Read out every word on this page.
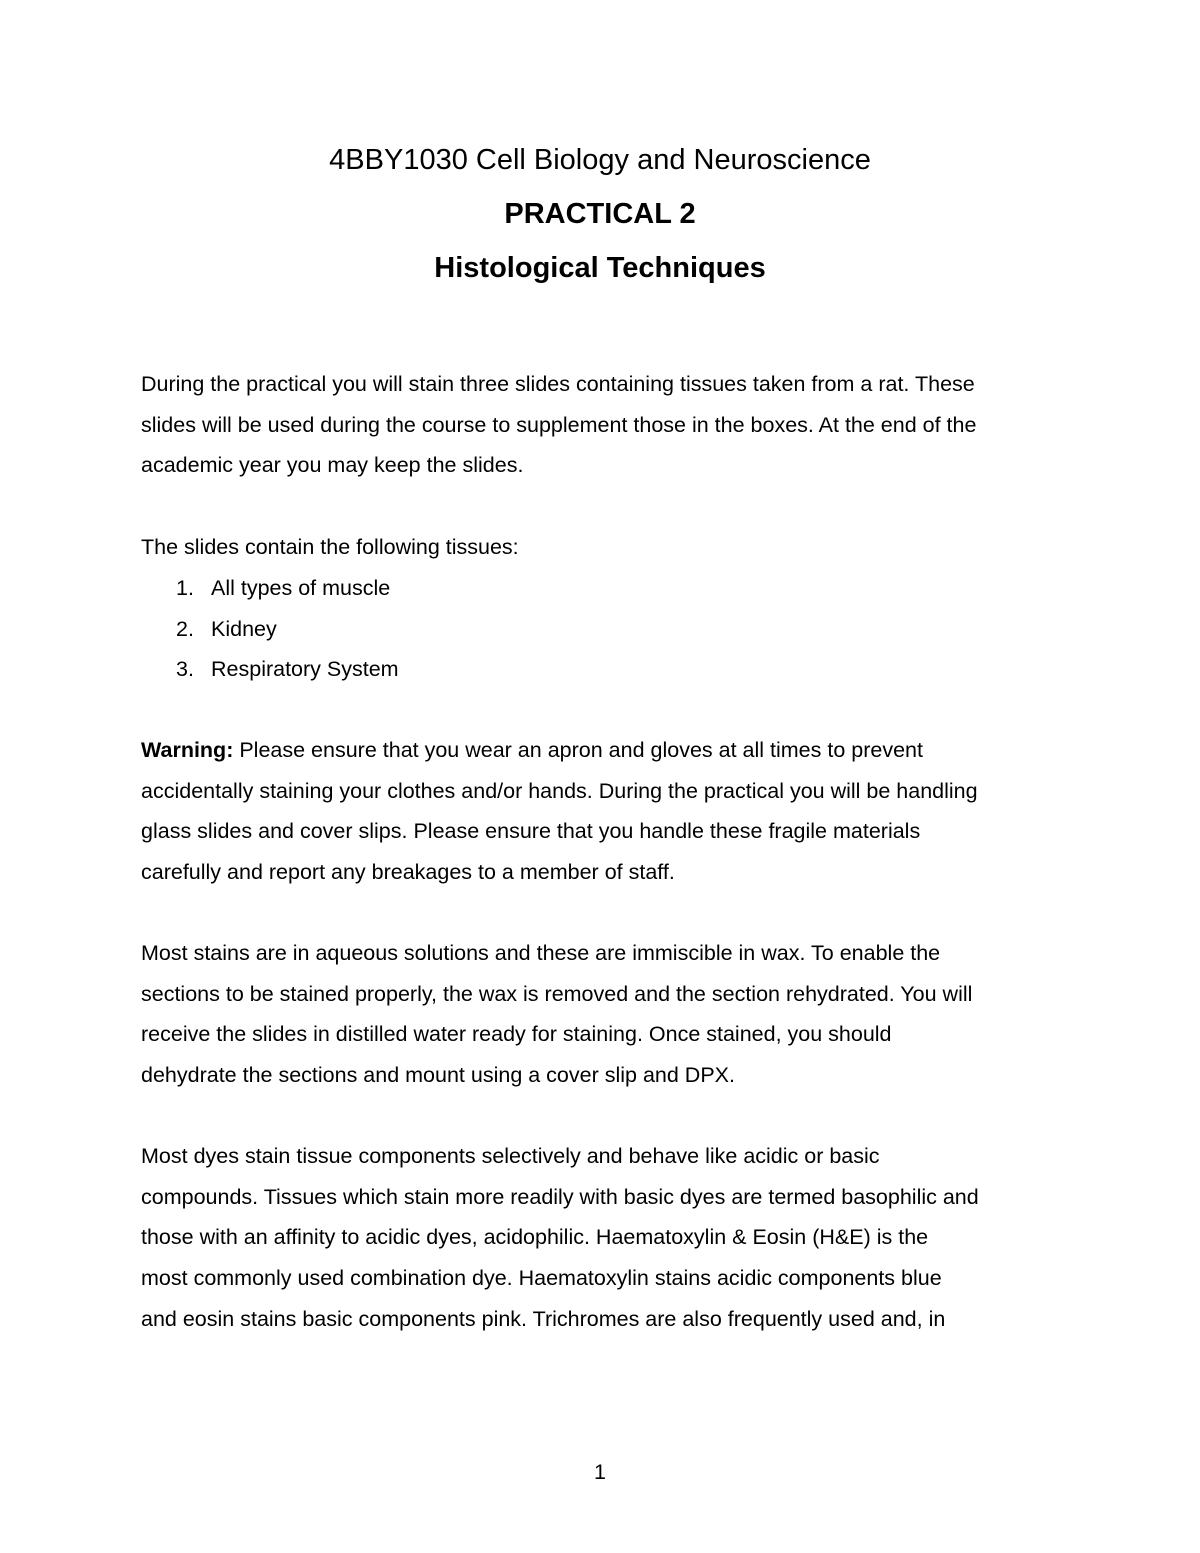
4BBY1030 Cell Biology and Neuroscience
PRACTICAL 2
Histological Techniques

During the practical you will stain three slides containing tissues taken from a rat. These
slides will be used during the course to supplement those in the boxes. At the end of the
academic year you may keep the slides.

The slides contain the following tissues:

1. All types of muscle
2. Kidney
3. Respiratory System

Warning: Please ensure that you wear an apron and gloves at all times to prevent
accidentally staining your clothes and/or hands. During the practical you will be handling
glass slides and cover slips. Please ensure that you handle these fragile materials
carefully and report any breakages to a member of staff.

Most stains are in aqueous solutions and these are immiscible in wax. To enable the
sections to be stained properly, the wax is removed and the section rehydrated. You will
receive the slides in distilled water ready for staining. Once stained, you should
dehydrate the sections and mount using a cover slip and DPX.

Most dyes stain tissue components selectively and behave like acidic or basic
compounds. Tissues which stain more readily with basic dyes are termed basophilic and
those with an affinity to acidic dyes, acidophilic. Haematoxylin & Eosin (H&E) is the
most commonly used combination dye. Haematoxylin stains acidic components blue
and eosin stains basic components pink. Trichromes are also frequently used and, in

1
